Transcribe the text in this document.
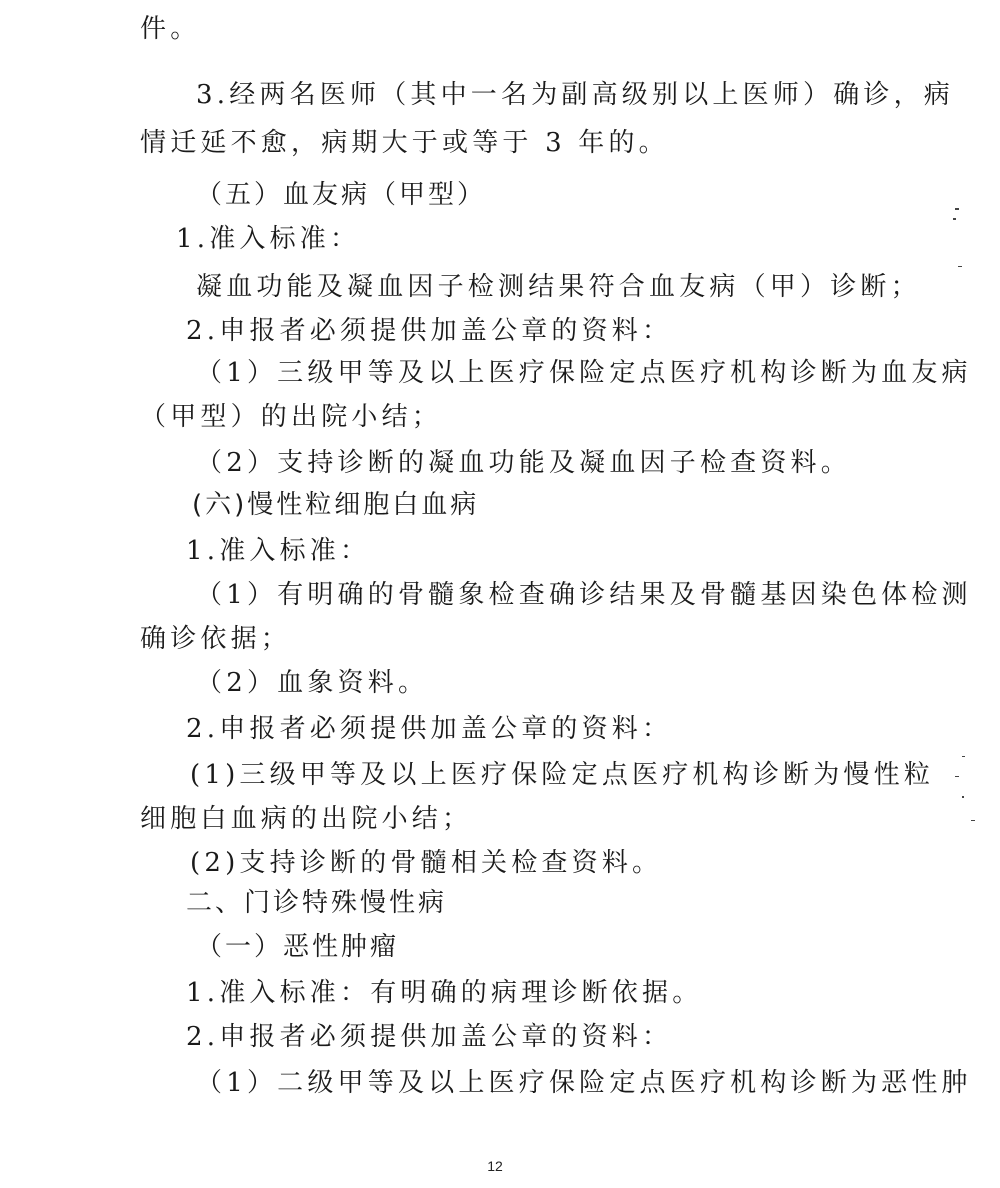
件。
3.经两名医师（其中一名为副高级别以上医师）确诊，病
情迁延不愈，病期大于或等于 3 年的。
（五）血友病（甲型）
1.准入标准：
凝血功能及凝血因子检测结果符合血友病（甲）诊断；
2.申报者必须提供加盖公章的资料：
（1）三级甲等及以上医疗保险定点医疗机构诊断为血友病
（甲型）的出院小结；
（2）支持诊断的凝血功能及凝血因子检查资料。
(六)慢性粒细胞白血病
1.准入标准：
（1）有明确的骨髓象检查确诊结果及骨髓基因染色体检测
确诊依据；
（2）血象资料。
2.申报者必须提供加盖公章的资料：
(1)三级甲等及以上医疗保险定点医疗机构诊断为慢性粒
细胞白血病的出院小结；
(2)支持诊断的骨髓相关检查资料。
二、门诊特殊慢性病
（一）恶性肿瘤
1.准入标准：有明确的病理诊断依据。
2.申报者必须提供加盖公章的资料：
（1）二级甲等及以上医疗保险定点医疗机构诊断为恶性肿
12
